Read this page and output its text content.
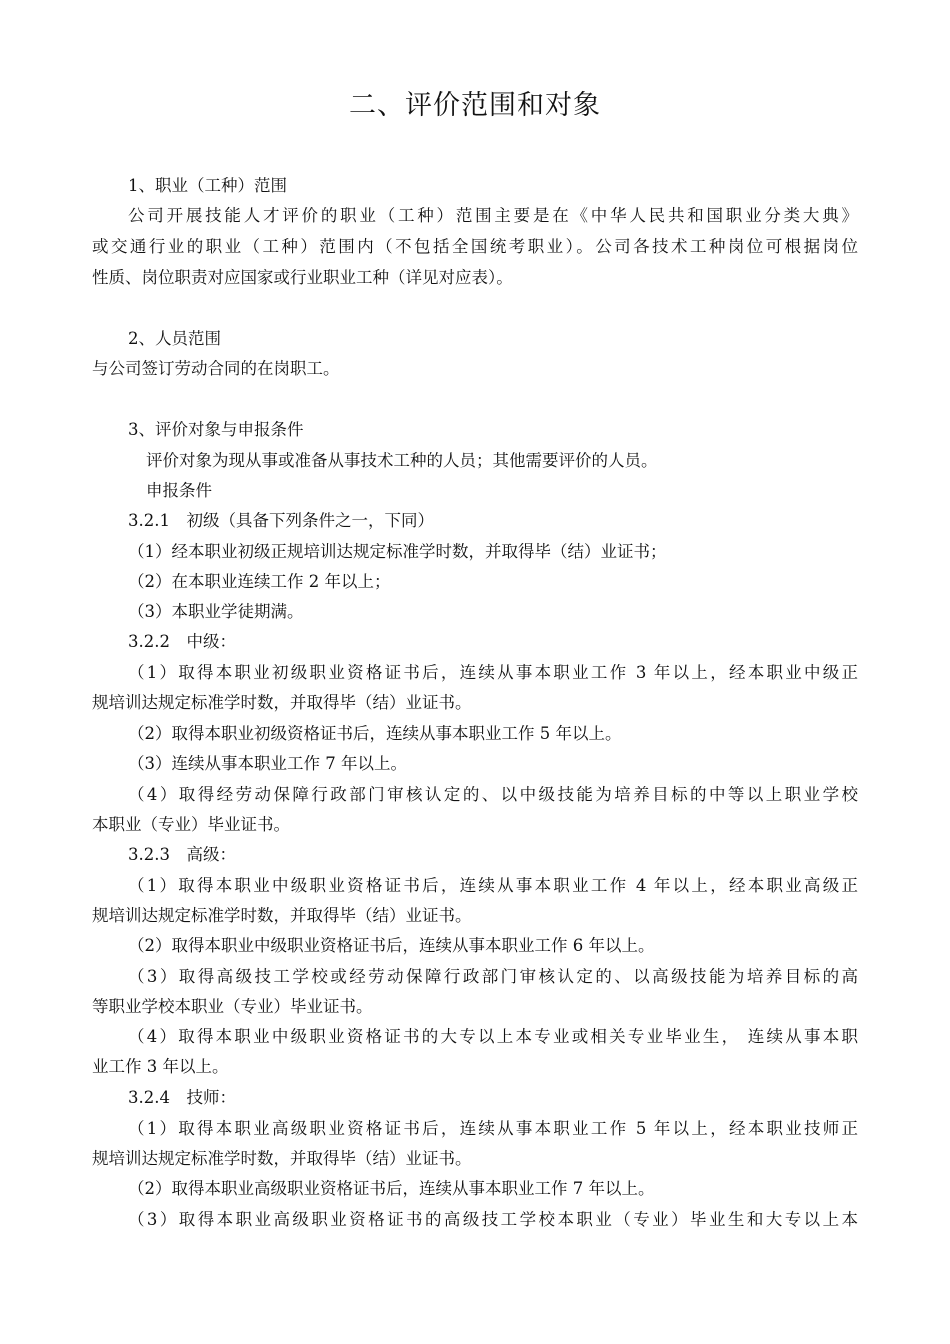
二、评价范围和对象
1、职业（工种）范围
公司开展技能人才评价的职业（工种）范围主要是在《中华人民共和国职业分类大典》
或交通行业的职业（工种）范围内（不包括全国统考职业）。公司各技术工种岗位可根据岗位
性质、岗位职责对应国家或行业职业工种（详见对应表）。
2、人员范围
与公司签订劳动合同的在岗职工。
3、评价对象与申报条件
评价对象为现从事或准备从事技术工种的人员；其他需要评价的人员。
申报条件
3.2.1　初级（具备下列条件之一，下同）
（1）经本职业初级正规培训达规定标准学时数，并取得毕（结）业证书；
（2）在本职业连续工作 2 年以上；
（3）本职业学徒期满。
3.2.2　中级：
（1）取得本职业初级职业资格证书后，连续从事本职业工作 3 年以上，经本职业中级正
规培训达规定标准学时数，并取得毕（结）业证书。
（2）取得本职业初级资格证书后，连续从事本职业工作 5 年以上。
（3）连续从事本职业工作 7 年以上。
（4）取得经劳动保障行政部门审核认定的、以中级技能为培养目标的中等以上职业学校
本职业（专业）毕业证书。
3.2.3　高级：
（1）取得本职业中级职业资格证书后，连续从事本职业工作 4 年以上，经本职业高级正
规培训达规定标准学时数，并取得毕（结）业证书。
（2）取得本职业中级职业资格证书后，连续从事本职业工作 6 年以上。
（3）取得高级技工学校或经劳动保障行政部门审核认定的、以高级技能为培养目标的高
等职业学校本职业（专业）毕业证书。
（4）取得本职业中级职业资格证书的大专以上本专业或相关专业毕业生， 连续从事本职
业工作 3 年以上。
3.2.4　技师：
（1）取得本职业高级职业资格证书后，连续从事本职业工作 5 年以上，经本职业技师正
规培训达规定标准学时数，并取得毕（结）业证书。
（2）取得本职业高级职业资格证书后，连续从事本职业工作 7 年以上。
（3）取得本职业高级职业资格证书的高级技工学校本职业（专业）毕业生和大专以上本
